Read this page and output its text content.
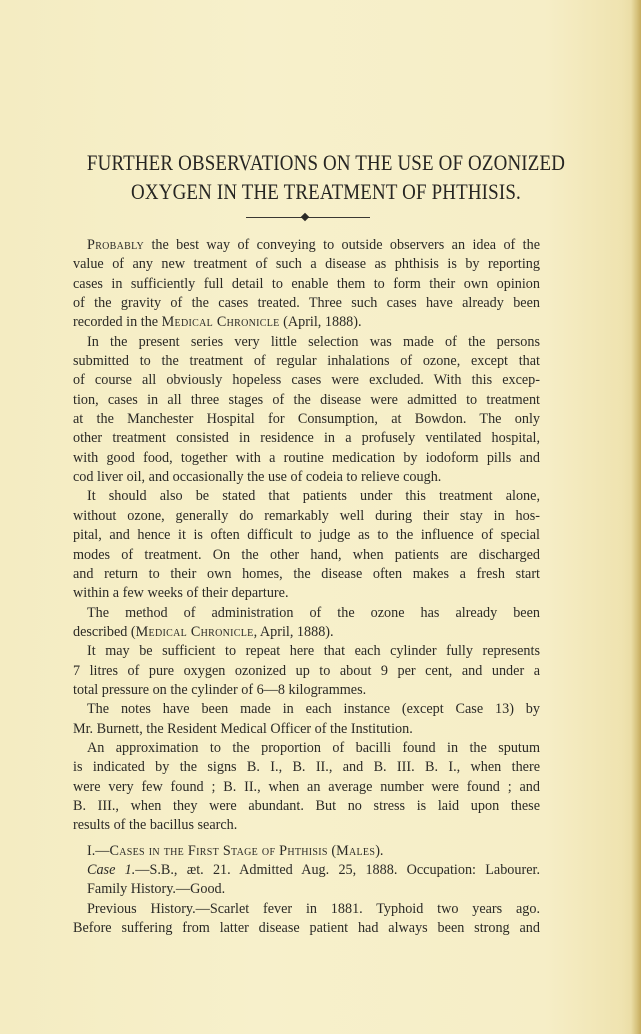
FURTHER OBSERVATIONS ON THE USE OF OZONIZED
OXYGEN IN THE TREATMENT OF PHTHISIS.
Probably the best way of conveying to outside observers an idea of the
value of any new treatment of such a disease as phthisis is by reporting
cases in sufficiently full detail to enable them to form their own opinion
of the gravity of the cases treated. Three such cases have already been
recorded in the Medical Chronicle (April, 1888).
In the present series very little selection was made of the persons
submitted to the treatment of regular inhalations of ozone, except that
of course all obviously hopeless cases were excluded. With this excep-
tion, cases in all three stages of the disease were admitted to treatment
at the Manchester Hospital for Consumption, at Bowdon. The only
other treatment consisted in residence in a profusely ventilated hospital,
with good food, together with a routine medication by iodoform pills and
cod liver oil, and occasionally the use of codeia to relieve cough.
It should also be stated that patients under this treatment alone,
without ozone, generally do remarkably well during their stay in hos-
pital, and hence it is often difficult to judge as to the influence of special
modes of treatment. On the other hand, when patients are discharged
and return to their own homes, the disease often makes a fresh start
within a few weeks of their departure.
The method of administration of the ozone has already been
described (Medical Chronicle, April, 1888).
It may be sufficient to repeat here that each cylinder fully represents
7 litres of pure oxygen ozonized up to about 9 per cent, and under a
total pressure on the cylinder of 6—8 kilogrammes.
The notes have been made in each instance (except Case 13) by
Mr. Burnett, the Resident Medical Officer of the Institution.
An approximation to the proportion of bacilli found in the sputum
is indicated by the signs B. I., B. II., and B. III. B. I., when there
were very few found ; B. II., when an average number were found ; and
B. III., when they were abundant. But no stress is laid upon these
results of the bacillus search.
I.—Cases in the First Stage of Phthisis (Males).
Case 1.—S.B., æt. 21. Admitted Aug. 25, 1888. Occupation: Labourer.
Family History.—Good.
Previous History.—Scarlet fever in 1881. Typhoid two years ago.
Before suffering from latter disease patient had always been strong and
